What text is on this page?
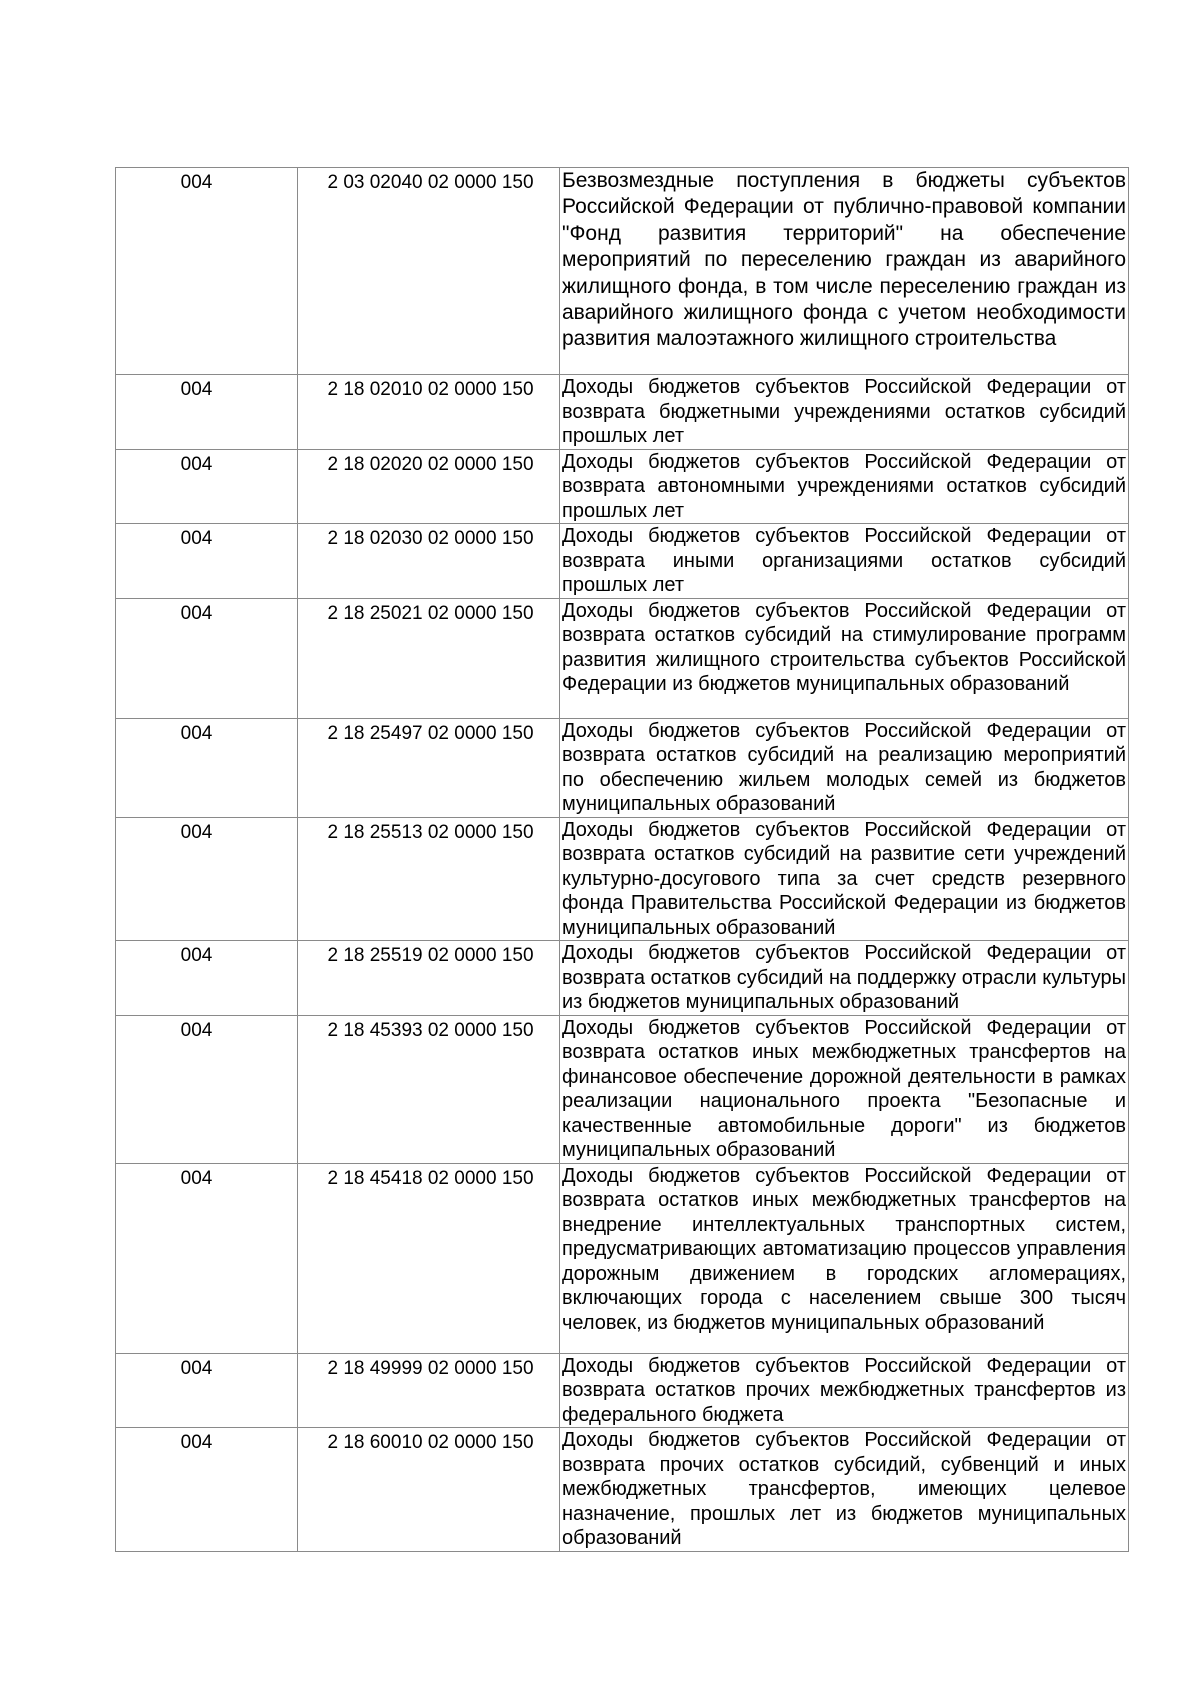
004	2 03 02040 02 0000 150	Безвозмездные поступления в бюджеты субъектов Российской Федерации от публично-правовой компании "Фонд развития территорий" на обеспечение мероприятий по переселению граждан из аварийного жилищного фонда, в том числе переселению граждан из аварийного жилищного фонда с учетом необходимости развития малоэтажного жилищного строительства

004	2 18 02010 02 0000 150	Доходы бюджетов субъектов Российской Федерации от возврата бюджетными учреждениями остатков субсидий прошлых лет

004	2 18 02020 02 0000 150	Доходы бюджетов субъектов Российской Федерации от возврата автономными учреждениями остатков субсидий прошлых лет

004	2 18 02030 02 0000 150	Доходы бюджетов субъектов Российской Федерации от возврата иными организациями остатков субсидий прошлых лет

004	2 18 25021 02 0000 150	Доходы бюджетов субъектов Российской Федерации от возврата остатков субсидий на стимулирование программ развития жилищного строительства субъектов Российской Федерации из бюджетов муниципальных образований

004	2 18 25497 02 0000 150	Доходы бюджетов субъектов Российской Федерации от возврата остатков субсидий на реализацию мероприятий по обеспечению жильем молодых семей из бюджетов муниципальных образований

004	2 18 25513 02 0000 150	Доходы бюджетов субъектов Российской Федерации от возврата остатков субсидий на развитие сети учреждений культурно-досугового типа за счет средств резервного фонда Правительства Российской Федерации из бюджетов муниципальных образований

004	2 18 25519 02 0000 150	Доходы бюджетов субъектов Российской Федерации от возврата остатков субсидий на поддержку отрасли культуры из бюджетов муниципальных образований

004	2 18 45393 02 0000 150	Доходы бюджетов субъектов Российской Федерации от возврата остатков иных межбюджетных трансфертов на финансовое обеспечение дорожной деятельности в рамках реализации национального проекта "Безопасные и качественные автомобильные дороги" из бюджетов муниципальных образований

004	2 18 45418 02 0000 150	Доходы бюджетов субъектов Российской Федерации от возврата остатков иных межбюджетных трансфертов на внедрение интеллектуальных транспортных систем, предусматривающих автоматизацию процессов управления дорожным движением в городских агломерациях, включающих города с населением свыше 300 тысяч человек, из бюджетов муниципальных образований

004	2 18 49999 02 0000 150	Доходы бюджетов субъектов Российской Федерации от возврата остатков прочих межбюджетных трансфертов из федерального бюджета

004	2 18 60010 02 0000 150	Доходы бюджетов субъектов Российской Федерации от возврата прочих остатков субсидий, субвенций и иных межбюджетных трансфертов, имеющих целевое назначение, прошлых лет из бюджетов муниципальных образований
